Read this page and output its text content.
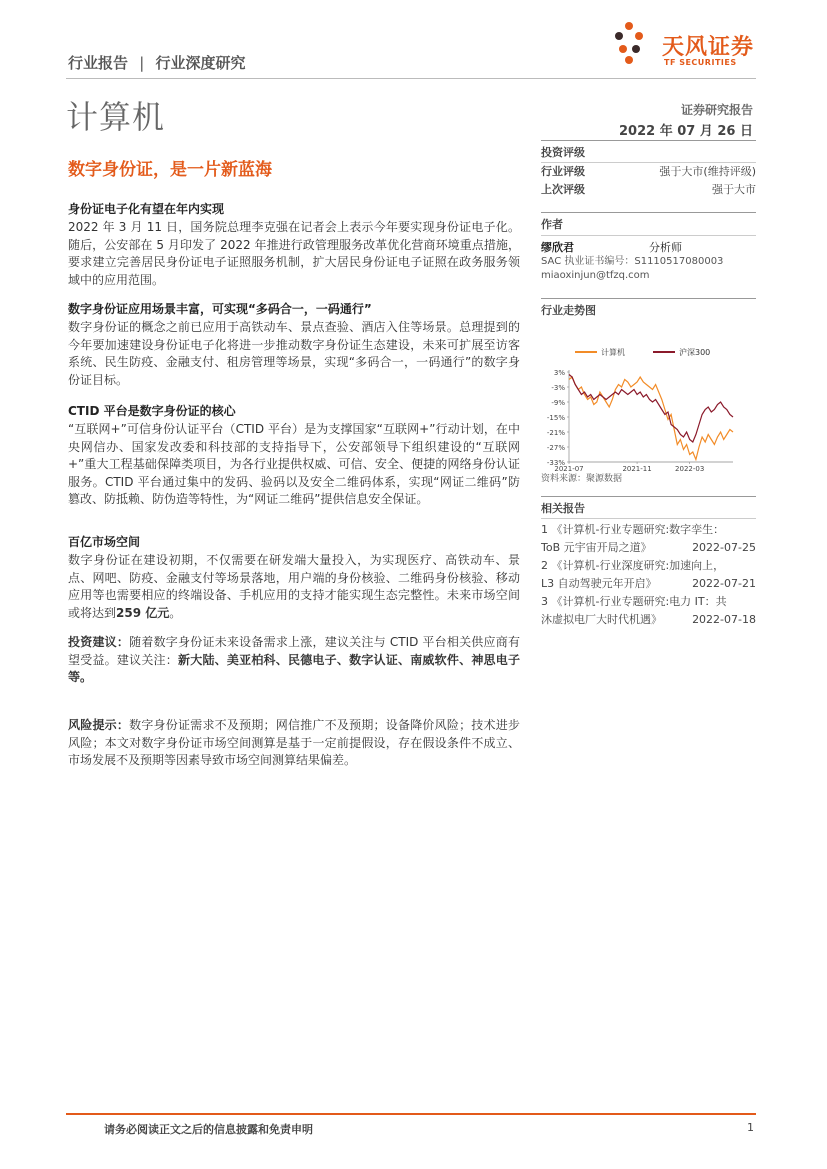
天风证券
TF SECURITIES
行业报告 | 行业深度研究
计算机	证券研究报告
2022 年 07 月 26 日
数字身份证，是一片新蓝海
身份证电子化有望在年内实现

2022 年 3 月 11 日，国务院总理李克强在记者会上表示今年要实现身份证电子化。随后，公安部在 5 月印发了 2022 年推进行政管理服务改革优化营商环境重点措施，要求建立完善居民身份证电子证照服务机制，扩大居民身份证电子证照在政务服务领域中的应用范围。

数字身份证应用场景丰富，可实现“多码合一，一码通行”

数字身份证的概念之前已应用于高铁动车、景点查验、酒店入住等场景。总理提到的今年要加速建设身份证电子化将进一步推动数字身份证生态建设，未来可扩展至访客系统、民生防疫、金融支付、租房管理等场景，实现“多码合一，一码通行”的数字身份证目标。

CTID 平台是数字身份证的核心

“互联网+”可信身份认证平台（CTID 平台）是为支撑国家“互联网+”行动计划，在中央网信办、国家发改委和科技部的支持指导下，公安部领导下组织建设的“互联网+”重大工程基础保障类项目，为各行业提供权威、可信、安全、便捷的网络身份认证服务。CTID 平台通过集中的发码、验码以及安全二维码体系，实现“网证二维码”防篡改、防抵赖、防伪造等特性，为“网证二维码”提供信息安全保证。

百亿市场空间

数字身份证在建设初期，不仅需要在研发端大量投入，为实现医疗、高铁动车、景点、网吧、防疫、金融支付等场景落地，用户端的身份核验、二维码身份核验、移动应用等也需要相应的终端设备、手机应用的支持才能实现生态完整性。未来市场空间或将达到259 亿元。

投资建议：随着数字身份证未来设备需求上涨，建议关注与 CTID 平台相关供应商有望受益。建议关注：新大陆、美亚柏科、民德电子、数字认证、南威软件、神思电子等。

风险提示：数字身份证需求不及预期；网信推广不及预期；设备降价风险；技术进步风险；本文对数字身份证市场空间测算是基于一定前提假设，存在假设条件不成立、市场发展不及预期等因素导致市场空间测算结果偏差。

投资评级
行业评级	强于大市(维持评级)
上次评级	强于大市
作者
缪欣君	分析师
SAC 执业证书编号：S1110517080003
miaoxinjun@tfzq.com
行业走势图
3%
-3%
-9%
-15%
-21%
-27%
-33%
2021-07	2021-11	2022-03
计算机	沪深300
资料来源：聚源数据
相关报告
1 《计算机-行业专题研究:数字孪生：
ToB 元宇宙开局之道》	2022-07-25
2 《计算机-行业深度研究:加速向上，
L3 自动驾驶元年开启》	2022-07-21
3 《计算机-行业专题研究:电力 IT：共
沐虚拟电厂大时代机遇》	2022-07-18
请务必阅读正文之后的信息披露和免责申明	1
